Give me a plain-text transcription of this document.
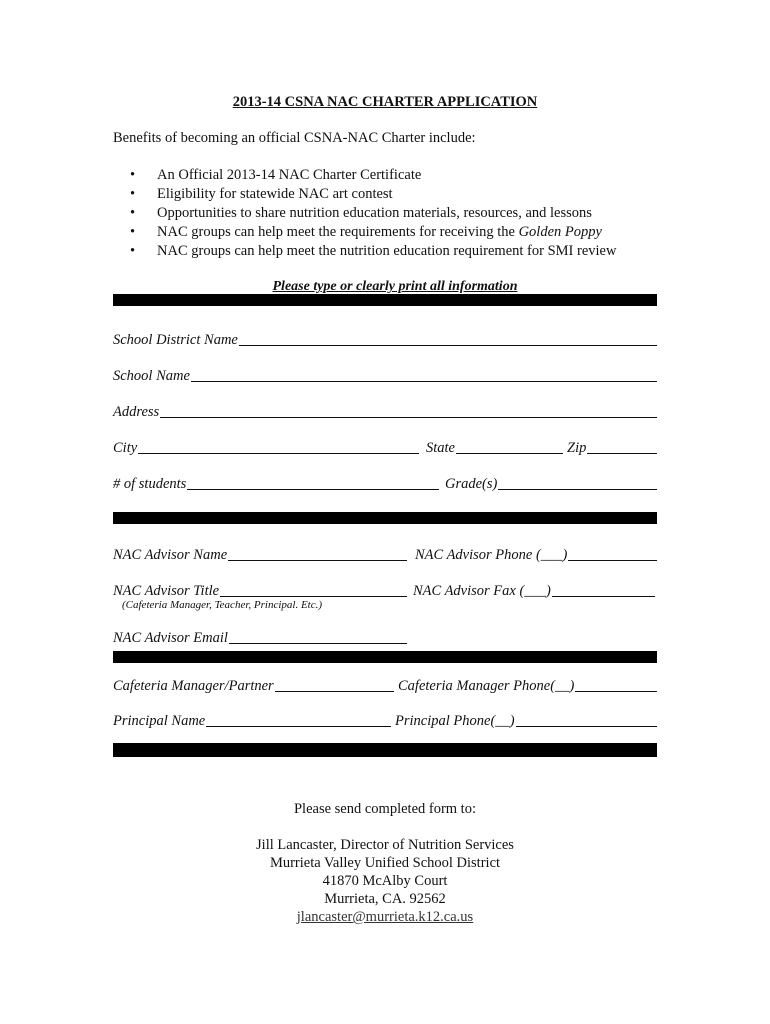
2013-14 CSNA NAC CHARTER APPLICATION
Benefits of becoming an official CSNA-NAC Charter include:
• An Official 2013-14 NAC Charter Certificate
• Eligibility for statewide NAC art contest
• Opportunities to share nutrition education materials, resources, and lessons
• NAC groups can help meet the requirements for receiving the Golden Poppy
• NAC groups can help meet the nutrition education requirement for SMI review
Please type or clearly print all information
School District Name
School Name
Address
City	State	Zip
# of students	Grade(s)
NAC Advisor Name	NAC Advisor Phone (___)
NAC Advisor Title	NAC Advisor Fax (___)
(Cafeteria Manager, Teacher, Principal. Etc.)
NAC Advisor Email
Cafeteria Manager/Partner	Cafeteria Manager Phone(__)
Principal Name	Principal Phone(__)
Please send completed form to:
Jill Lancaster, Director of Nutrition Services
Murrieta Valley Unified School District
41870 McAlby Court
Murrieta, CA. 92562
jlancaster@murrieta.k12.ca.us
